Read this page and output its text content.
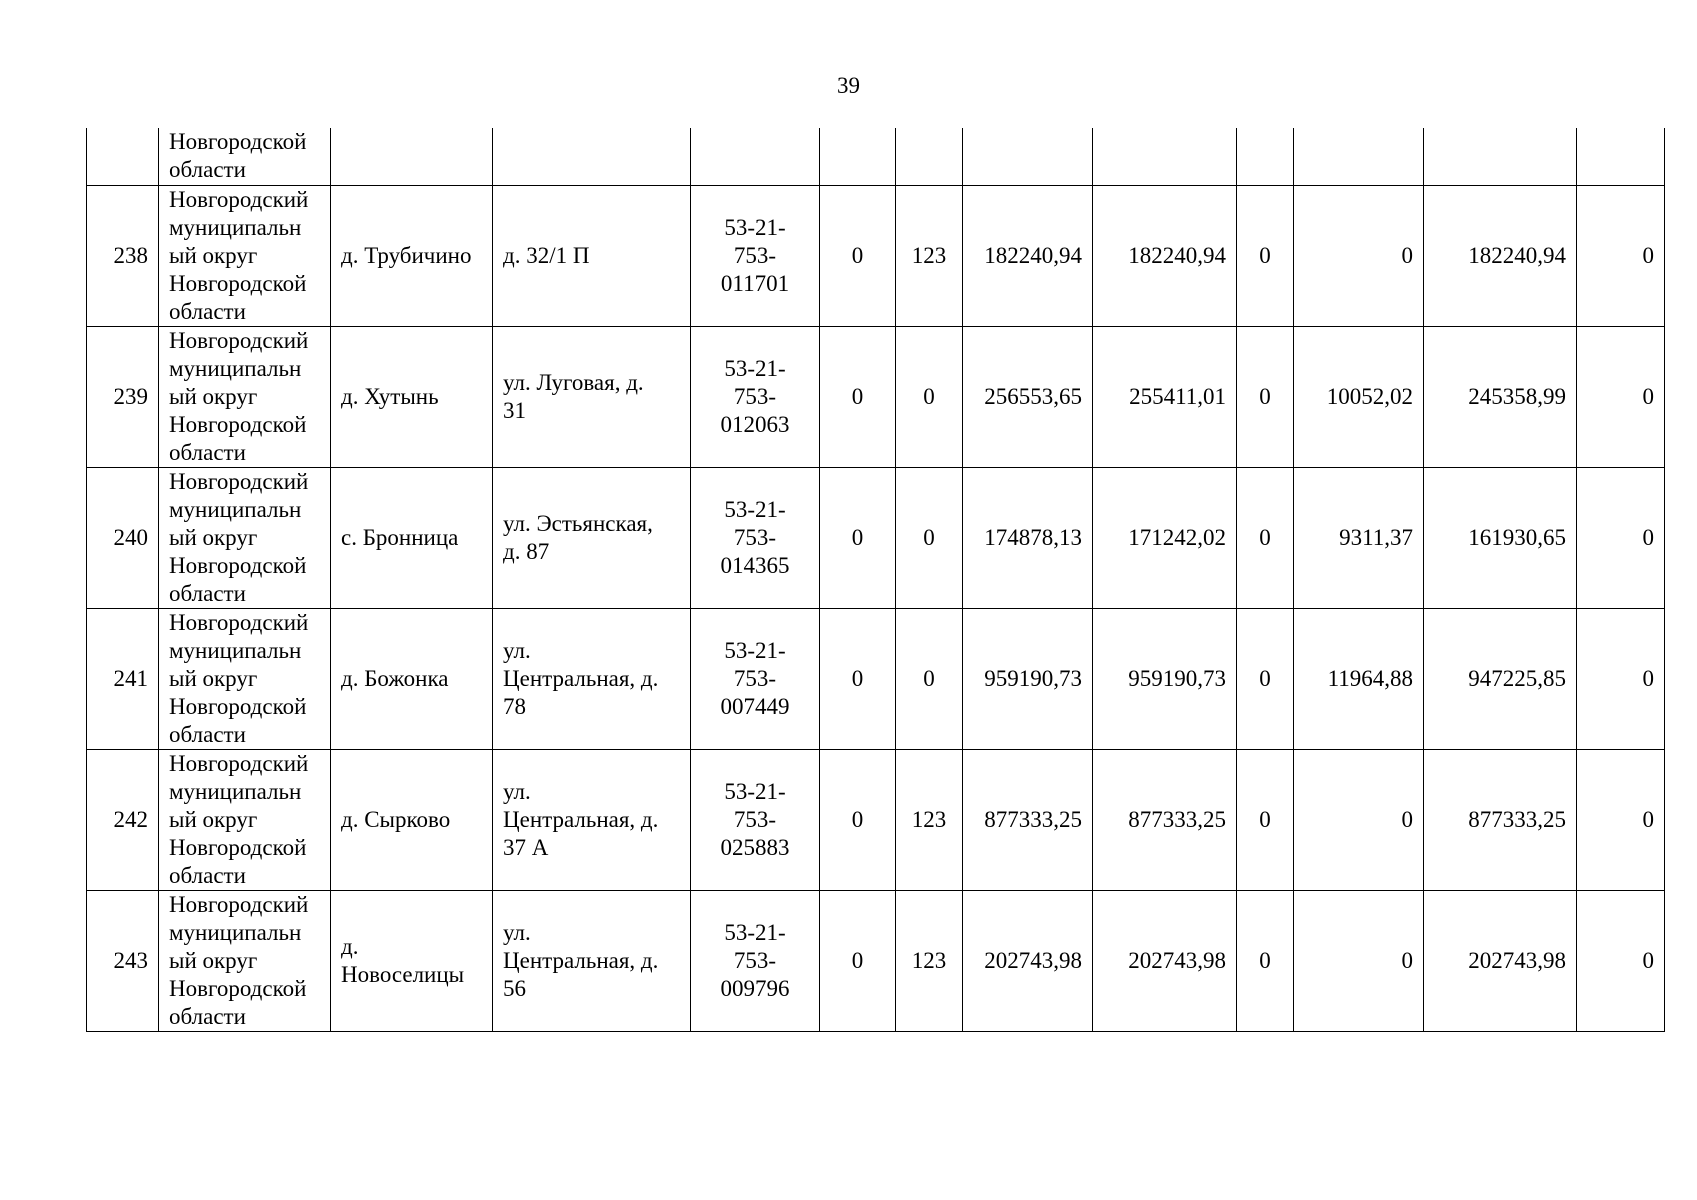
39
	Новгородской
области											
238	Новгородский
муниципальн
ый округ
Новгородской
области	д. Трубичино	д. 32/1 П	53-21-
753-
011701	0	123	182240,94	182240,94	0	0	182240,94	0
239	Новгородский
муниципальн
ый округ
Новгородской
области	д. Хутынь	ул. Луговая, д.
31	53-21-
753-
012063	0	0	256553,65	255411,01	0	10052,02	245358,99	0
240	Новгородский
муниципальн
ый округ
Новгородской
области	с. Бронница	ул. Эстьянская,
д. 87	53-21-
753-
014365	0	0	174878,13	171242,02	0	9311,37	161930,65	0
241	Новгородский
муниципальн
ый округ
Новгородской
области	д. Божонка	ул.
Центральная, д.
78	53-21-
753-
007449	0	0	959190,73	959190,73	0	11964,88	947225,85	0
242	Новгородский
муниципальн
ый округ
Новгородской
области	д. Сырково	ул.
Центральная, д.
37 А	53-21-
753-
025883	0	123	877333,25	877333,25	0	0	877333,25	0
243	Новгородский
муниципальн
ый округ
Новгородской
области	д.
Новоселицы	ул.
Центральная, д.
56	53-21-
753-
009796	0	123	202743,98	202743,98	0	0	202743,98	0
